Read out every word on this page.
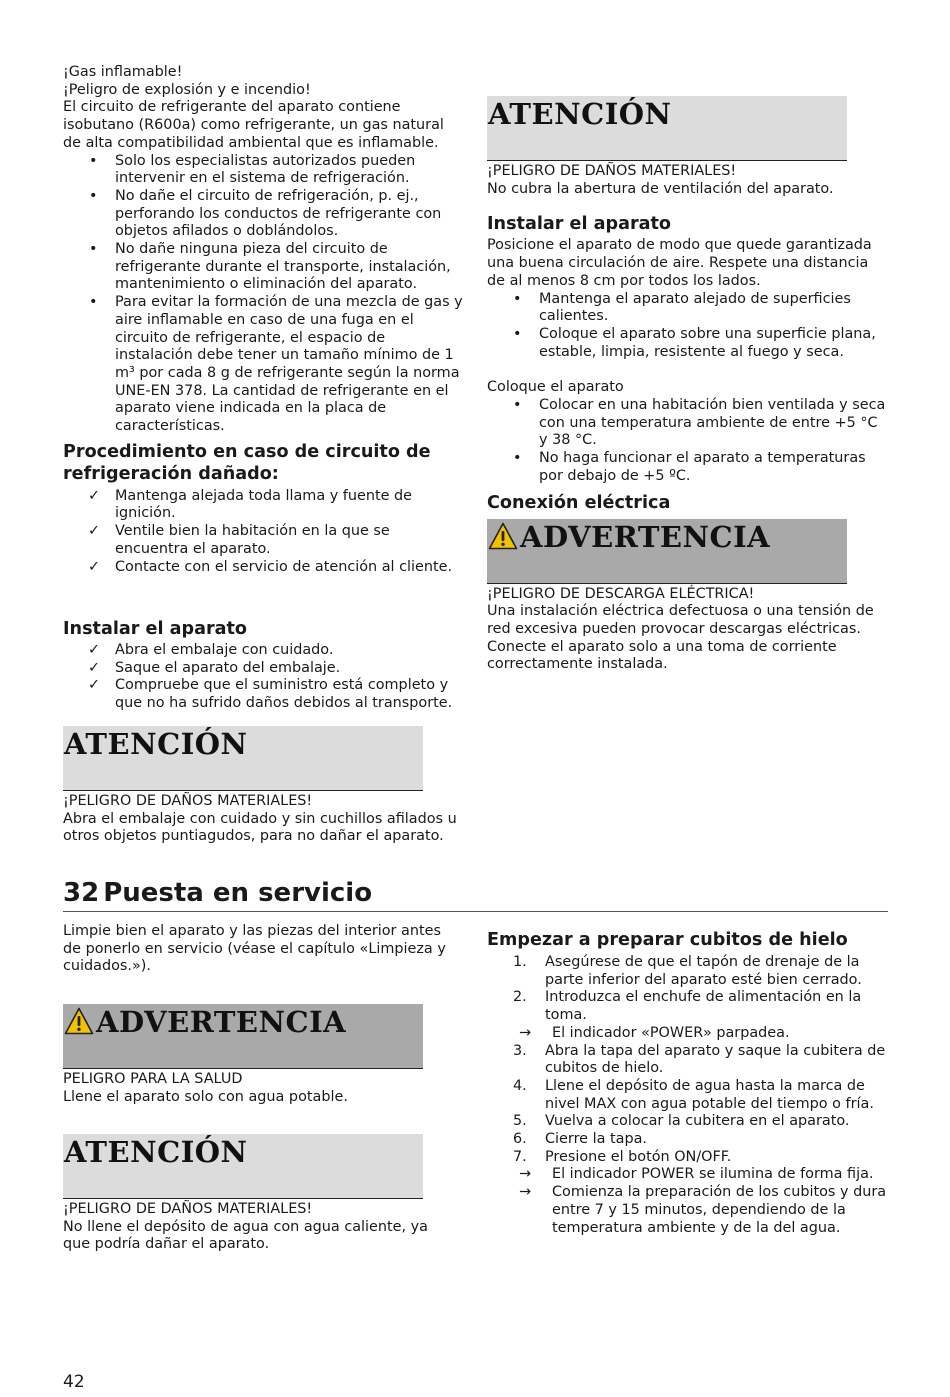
¡Gas inflamable!

¡Peligro de explosión y e incendio!

El circuito de refrigerante del aparato contiene isobutano (R600a) como refrigerante, un gas natural de alta compatibilidad ambiental que es inflamable.

• Solo los especialistas autorizados pueden intervenir en el sistema de refrigeración.
• No dañe el circuito de refrigeración, p. ej., perforando los conductos de refrigerante con objetos afilados o doblándolos.
• No dañe ninguna pieza del circuito de refrigerante durante el transporte, instalación, mantenimiento o eliminación del aparato.
• Para evitar la formación de una mezcla de gas y aire inflamable en caso de una fuga en el circuito de refrigerante, el espacio de instalación debe tener un tamaño mínimo de 1 m³ por cada 8 g de refrigerante según la norma UNE-EN 378. La cantidad de refrigerante en el aparato viene indicada en la placa de características.

Procedimiento en caso de circuito de refrigeración dañado:

✓ Mantenga alejada toda llama y fuente de ignición.
✓ Ventile bien la habitación en la que se encuentra el aparato.
✓ Contacte con el servicio de atención al cliente.

Instalar el aparato

✓ Abra el embalaje con cuidado.
✓ Saque el aparato del embalaje.
✓ Compruebe que el suministro está completo y que no ha sufrido daños debidos al transporte.
ATENCIÓN

¡PELIGRO DE DAÑOS MATERIALES!

Abra el embalaje con cuidado y sin cuchillos afilados u otros objetos puntiagudos, para no dañar el aparato.

ATENCIÓN

¡PELIGRO DE DAÑOS MATERIALES!

No cubra la abertura de ventilación del aparato.

Instalar el aparato

Posicione el aparato de modo que quede garantizada una buena circulación de aire. Respete una distancia de al menos 8 cm por todos los lados.

• Mantenga el aparato alejado de superficies calientes.
• Coloque el aparato sobre una superficie plana, estable, limpia, resistente al fuego y seca.

Coloque el aparato

• Colocar en una habitación bien ventilada y seca con una temperatura ambiente de entre +5 °C y 38 °C.
• No haga funcionar el aparato a temperaturas por debajo de +5 ºC.

Conexión eléctrica

ADVERTENCIA

¡PELIGRO DE DESCARGA ELÉCTRICA!

Una instalación eléctrica defectuosa o una tensión de red excesiva pueden provocar descargas eléctricas. Conecte el aparato solo a una toma de corriente correctamente instalada.

32 Puesta en servicio

Limpie bien el aparato y las piezas del interior antes de ponerlo en servicio (véase el capítulo «Limpieza y cuidados.»).

ADVERTENCIA

PELIGRO PARA LA SALUD

Llene el aparato solo con agua potable.

ATENCIÓN

¡PELIGRO DE DAÑOS MATERIALES!

No llene el depósito de agua con agua caliente, ya que podría dañar el aparato.

Empezar a preparar cubitos de hielo

1. Asegúrese de que el tapón de drenaje de la parte inferior del aparato esté bien cerrado.
2. Introduzca el enchufe de alimentación en la toma.
→ El indicador «POWER» parpadea.
3. Abra la tapa del aparato y saque la cubitera de cubitos de hielo.
4. Llene el depósito de agua hasta la marca de nivel MAX con agua potable del tiempo o fría.
5. Vuelva a colocar la cubitera en el aparato.
6. Cierre la tapa.
7. Presione el botón ON/OFF.
→ El indicador POWER se ilumina de forma fija.
→ Comienza la preparación de los cubitos y dura entre 7 y 15 minutos, dependiendo de la temperatura ambiente y de la del agua.
42
